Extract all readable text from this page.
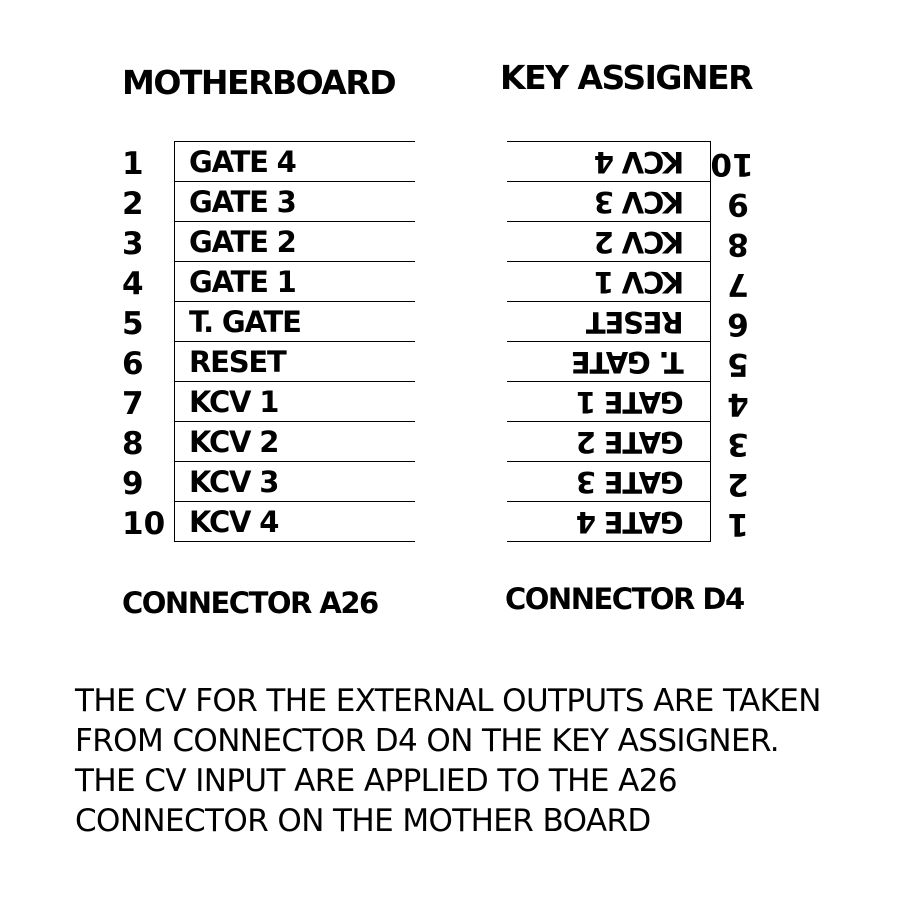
MOTHERBOARD	KEY ASSIGNER
1
2
3
4
5
6
7
8
9
10
GATE 4
GATE 3
GATE 2
GATE 1
T. GATE
RESET
KCV 1
KCV 2
KCV 3
KCV 4
KCV 4
KCV 3
KCV 2
KCV 1
RESET
T. GATE
GATE 1
GATE 2
GATE 3
GATE 4
10
9
8
7
6
5
4
3
2
1
CONNECTOR A26	CONNECTOR D4
THE CV FOR THE EXTERNAL OUTPUTS ARE TAKEN
FROM CONNECTOR D4 ON THE KEY ASSIGNER.
THE CV INPUT ARE APPLIED TO THE A26
CONNECTOR ON THE MOTHER BOARD
